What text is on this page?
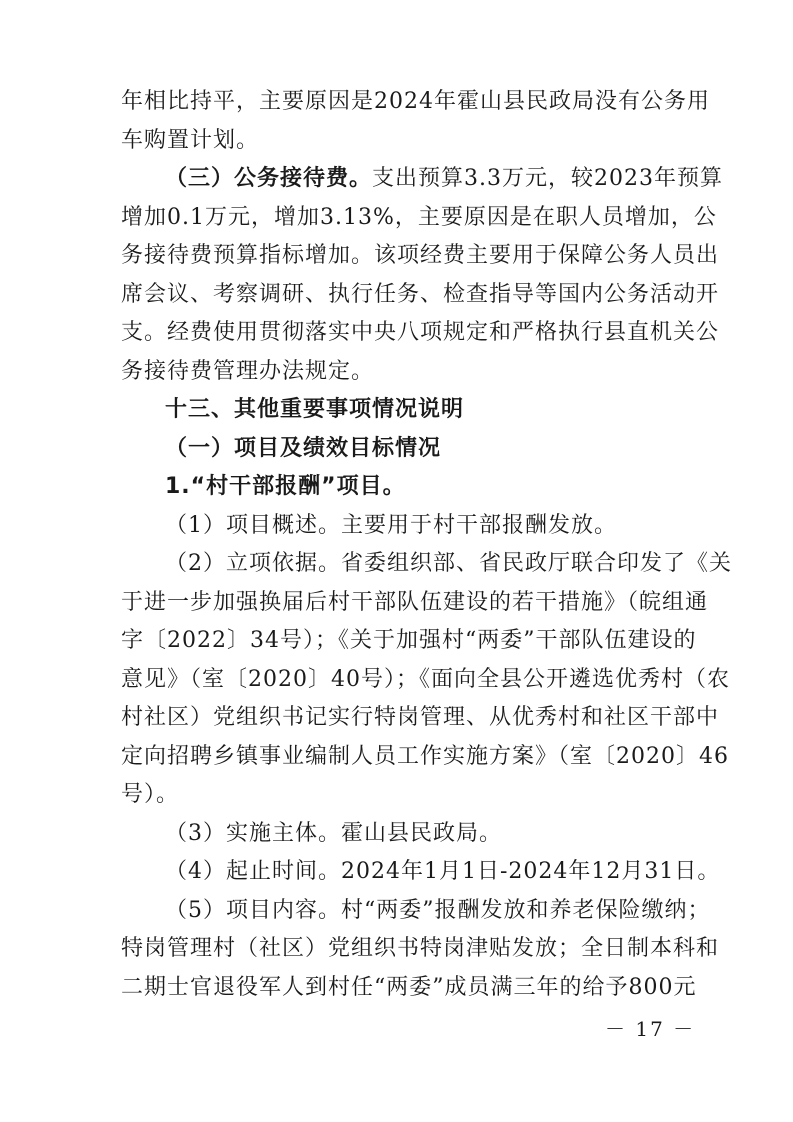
年相比持平，主要原因是2024年霍山县民政局没有公务用
车购置计划。
（三）公务接待费。支出预算3.3万元，较2023年预算
增加0.1万元，增加3.13%，主要原因是在职人员增加，公
务接待费预算指标增加。该项经费主要用于保障公务人员出
席会议、考察调研、执行任务、检查指导等国内公务活动开
支。经费使用贯彻落实中央八项规定和严格执行县直机关公
务接待费管理办法规定。
十三、其他重要事项情况说明
（一）项目及绩效目标情况
1.“村干部报酬”项目。
（1）项目概述。主要用于村干部报酬发放。
（2）立项依据。省委组织部、省民政厅联合印发了《关
于进一步加强换届后村干部队伍建设的若干措施》（皖组通
字〔2022〕34号）；《关于加强村“两委”干部队伍建设的
意见》（室〔2020〕40号）；《面向全县公开遴选优秀村（农
村社区）党组织书记实行特岗管理、从优秀村和社区干部中
定向招聘乡镇事业编制人员工作实施方案》（室〔2020〕46
号）。
（3）实施主体。霍山县民政局。
（4）起止时间。2024年1月1日-2024年12月31日。
（5）项目内容。村“两委”报酬发放和养老保险缴纳；
特岗管理村（社区）党组织书特岗津贴发放；全日制本科和
二期士官退役军人到村任“两委”成员满三年的给予800元
－ 17 －
